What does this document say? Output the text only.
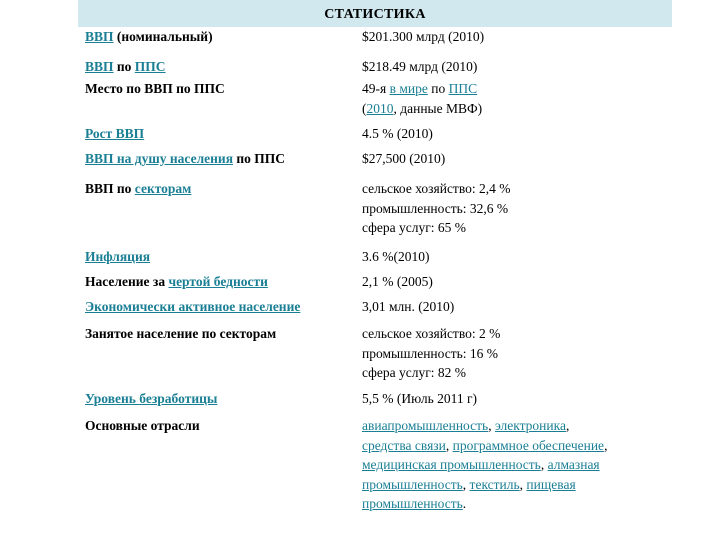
СТАТИСТИКА
ВВП (номинальный)	$201.300 млрд (2010)
ВВП по ППС	$218.49 млрд (2010)
Место по ВВП по ППС	49-я в мире по ППС
(2010, данные МВФ)
Рост ВВП	4.5 % (2010)
ВВП на душу населения по ППС	$27,500 (2010)
ВВП по секторам	сельское хозяйство: 2,4 %
промышленность: 32,6 %
сфера услуг: 65 %
Инфляция	3.6 %(2010)
Население за чертой бедности	2,1 % (2005)
Экономически активное население	3,01 млн. (2010)
Занятое население по секторам	сельское хозяйство: 2 %
промышленность: 16 %
сфера услуг: 82 %
Уровень безработицы	5,5 % (Июль 2011 г)
Основные отрасли	авиапромышленность, электроника,
средства связи, программное обеспечение,
медицинская промышленность, алмазная
промышленность, текстиль, пищевая
промышленность.
